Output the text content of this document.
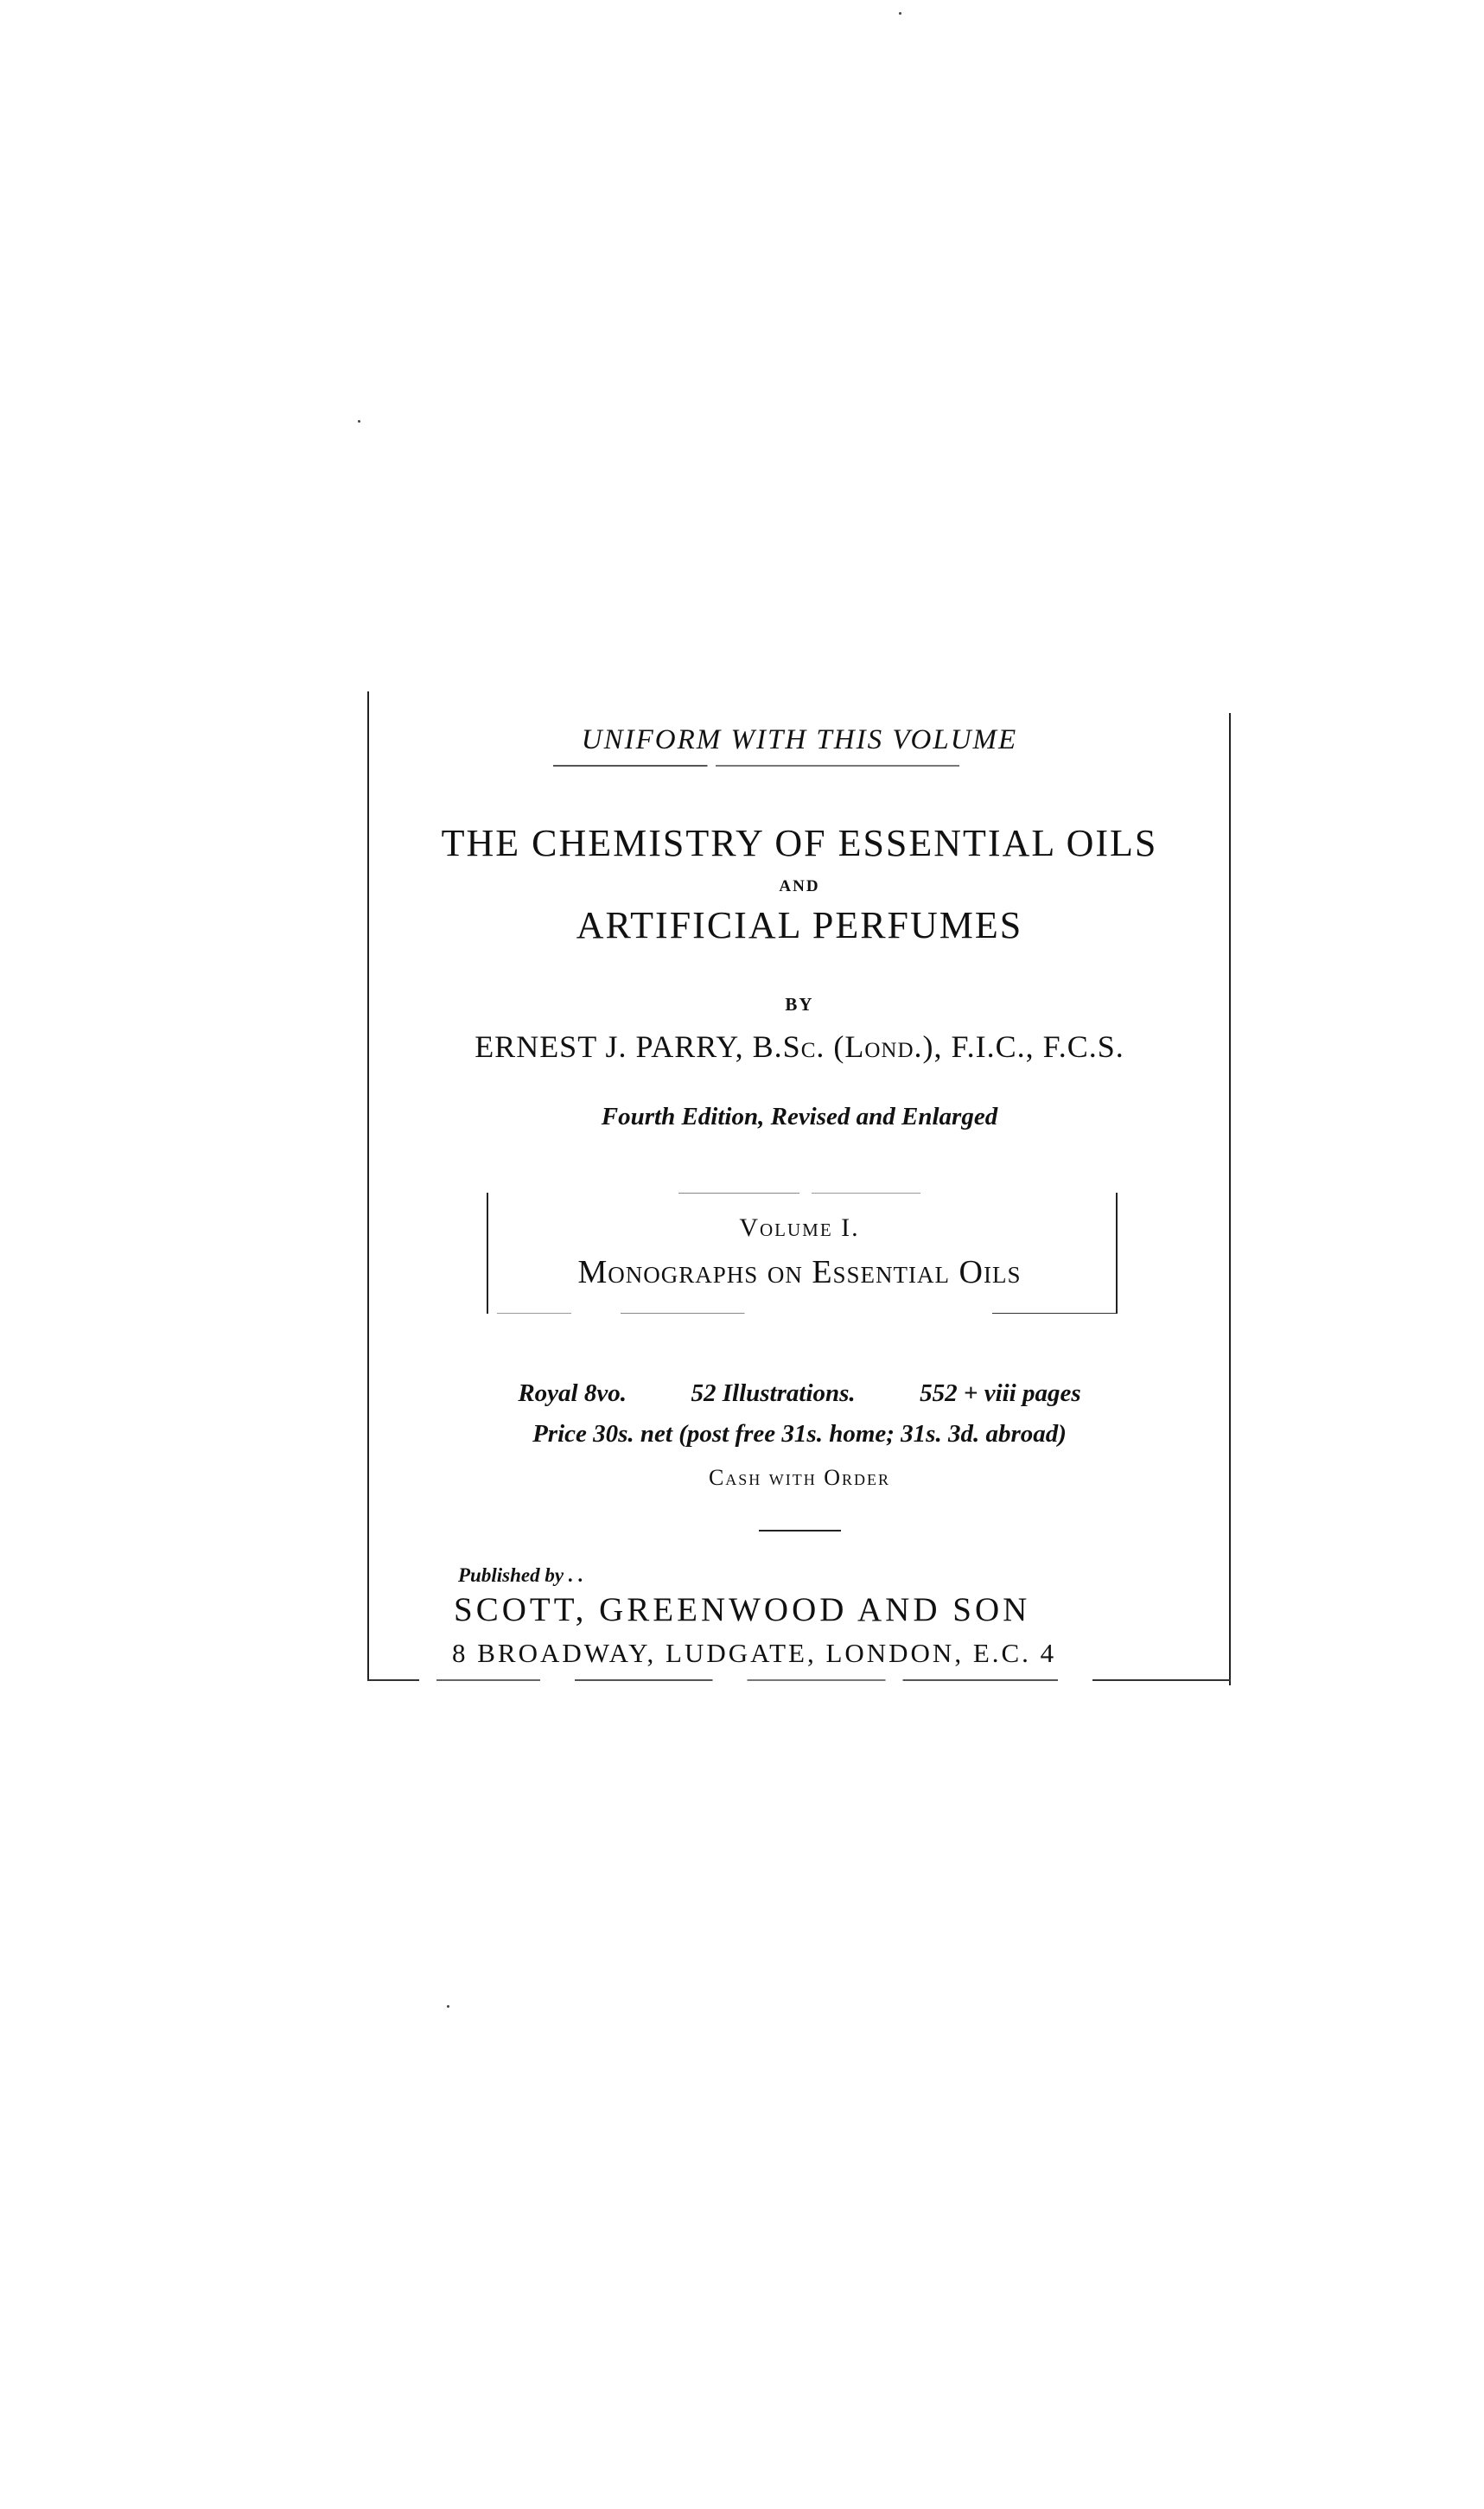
UNIFORM WITH THIS VOLUME
THE CHEMISTRY OF ESSENTIAL OILS
AND
ARTIFICIAL PERFUMES
BY
ERNEST J. PARRY, B.Sc. (Lond.), F.I.C., F.C.S.
Fourth Edition, Revised and Enlarged
Volume I.
Monographs on Essential Oils
Royal 8vo.	52 Illustrations.	552 + viii pages
Price 30s. net (post free 31s. home; 31s. 3d. abroad)
Cash with Order
Published by . .
SCOTT, GREENWOOD AND SON
8 BROADWAY, LUDGATE, LONDON, E.C. 4
